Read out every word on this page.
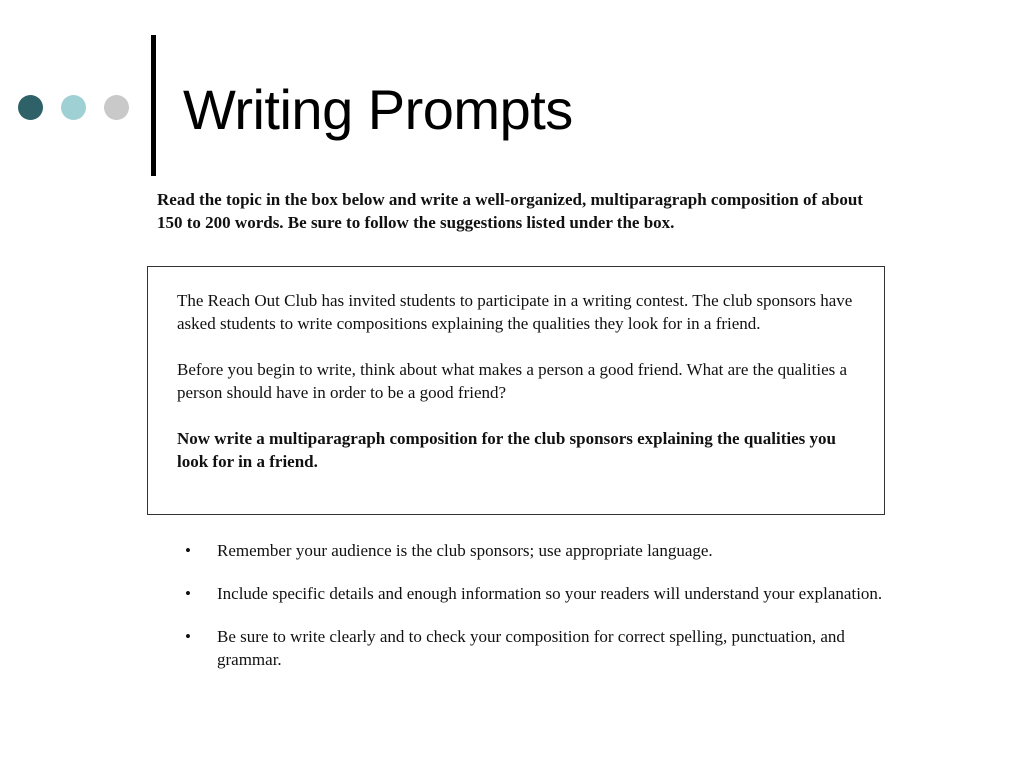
Writing Prompts

Read the topic in the box below and write a well-organized, multiparagraph composition of about 150 to 200 words. Be sure to follow the suggestions listed under the box.

The Reach Out Club has invited students to participate in a writing contest. The club sponsors have asked students to write compositions explaining the qualities they look for in a friend.

Before you begin to write, think about what makes a person a good friend. What are the qualities a person should have in order to be a good friend?

Now write a multiparagraph composition for the club sponsors explaining the qualities you look for in a friend.

• Remember your audience is the club sponsors; use appropriate language.
• Include specific details and enough information so your readers will understand your explanation.
• Be sure to write clearly and to check your composition for correct spelling, punctuation, and grammar.
